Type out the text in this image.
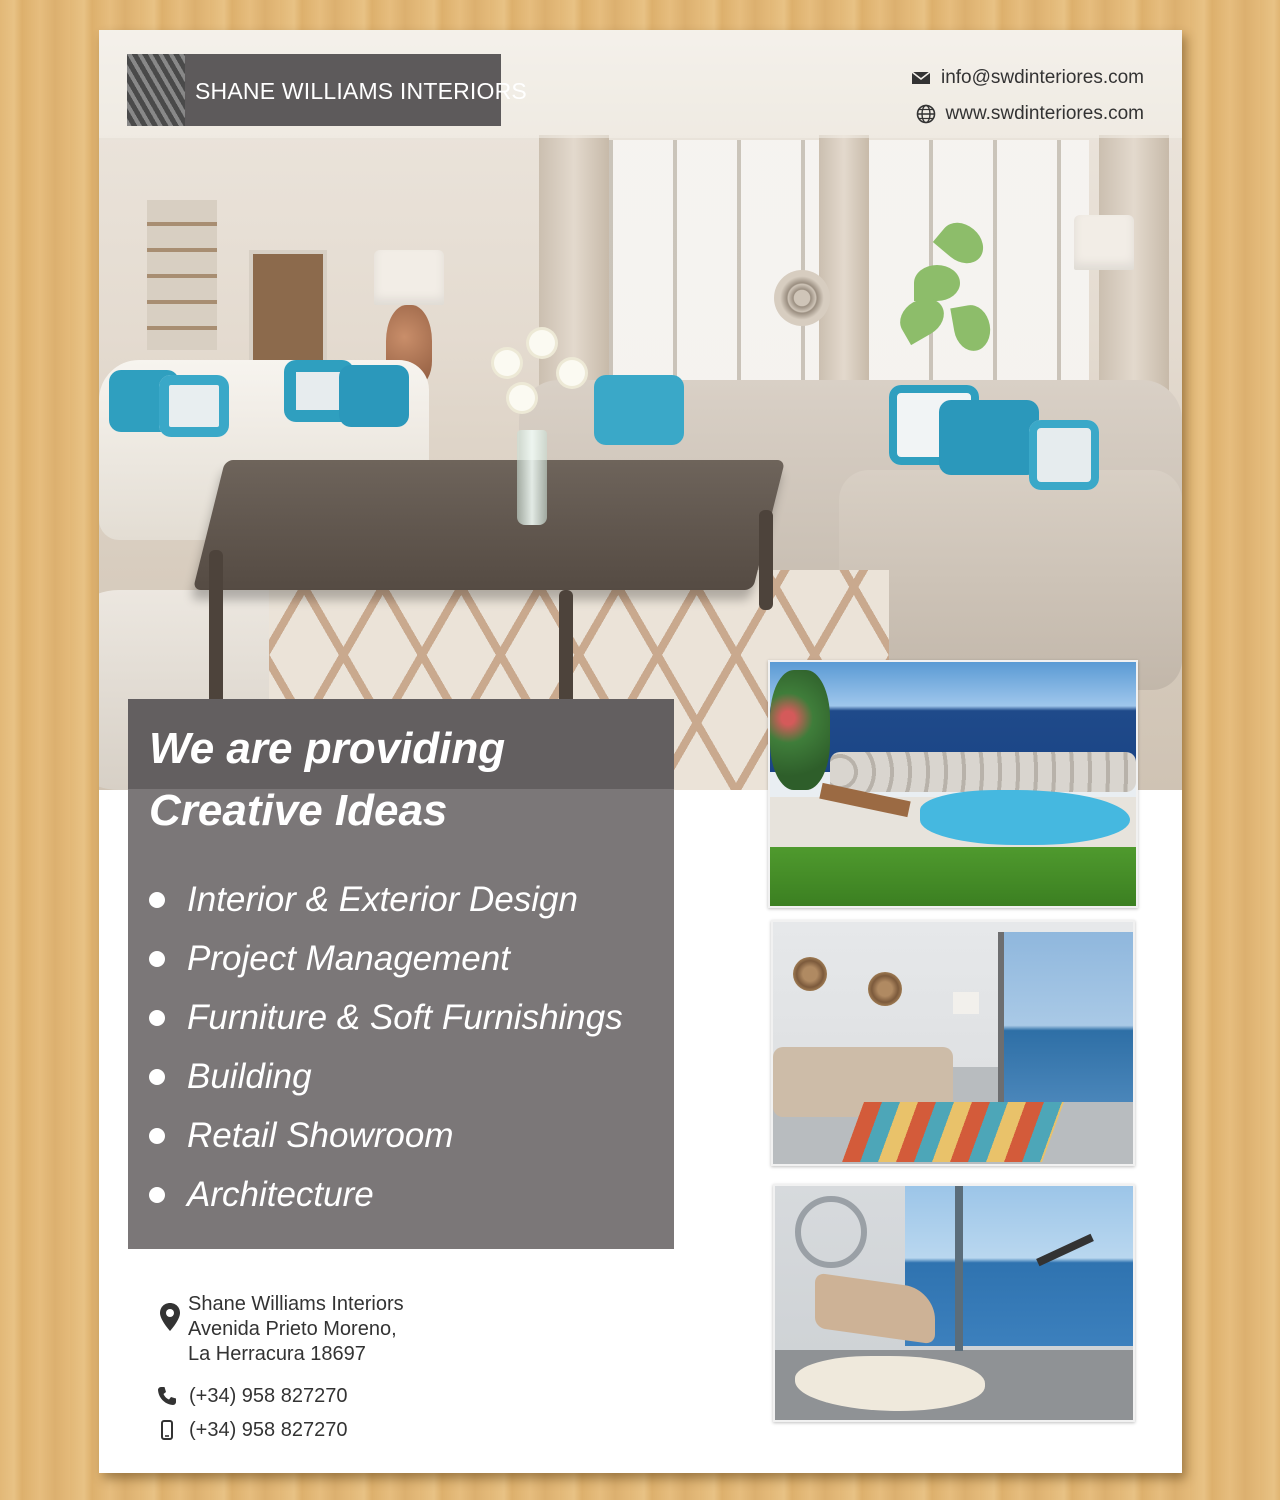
SHANE WILLIAMS INTERIORS
info@swdinteriores.com
www.swdinteriores.com
We are providing
Creative Ideas
Interior & Exterior Design
Project Management
Furniture & Soft Furnishings
Building
Retail Showroom
Architecture
Shane Williams Interiors
Avenida Prieto Moreno,
La Herracura 18697
(+34) 958 827270
(+34) 958 827270
